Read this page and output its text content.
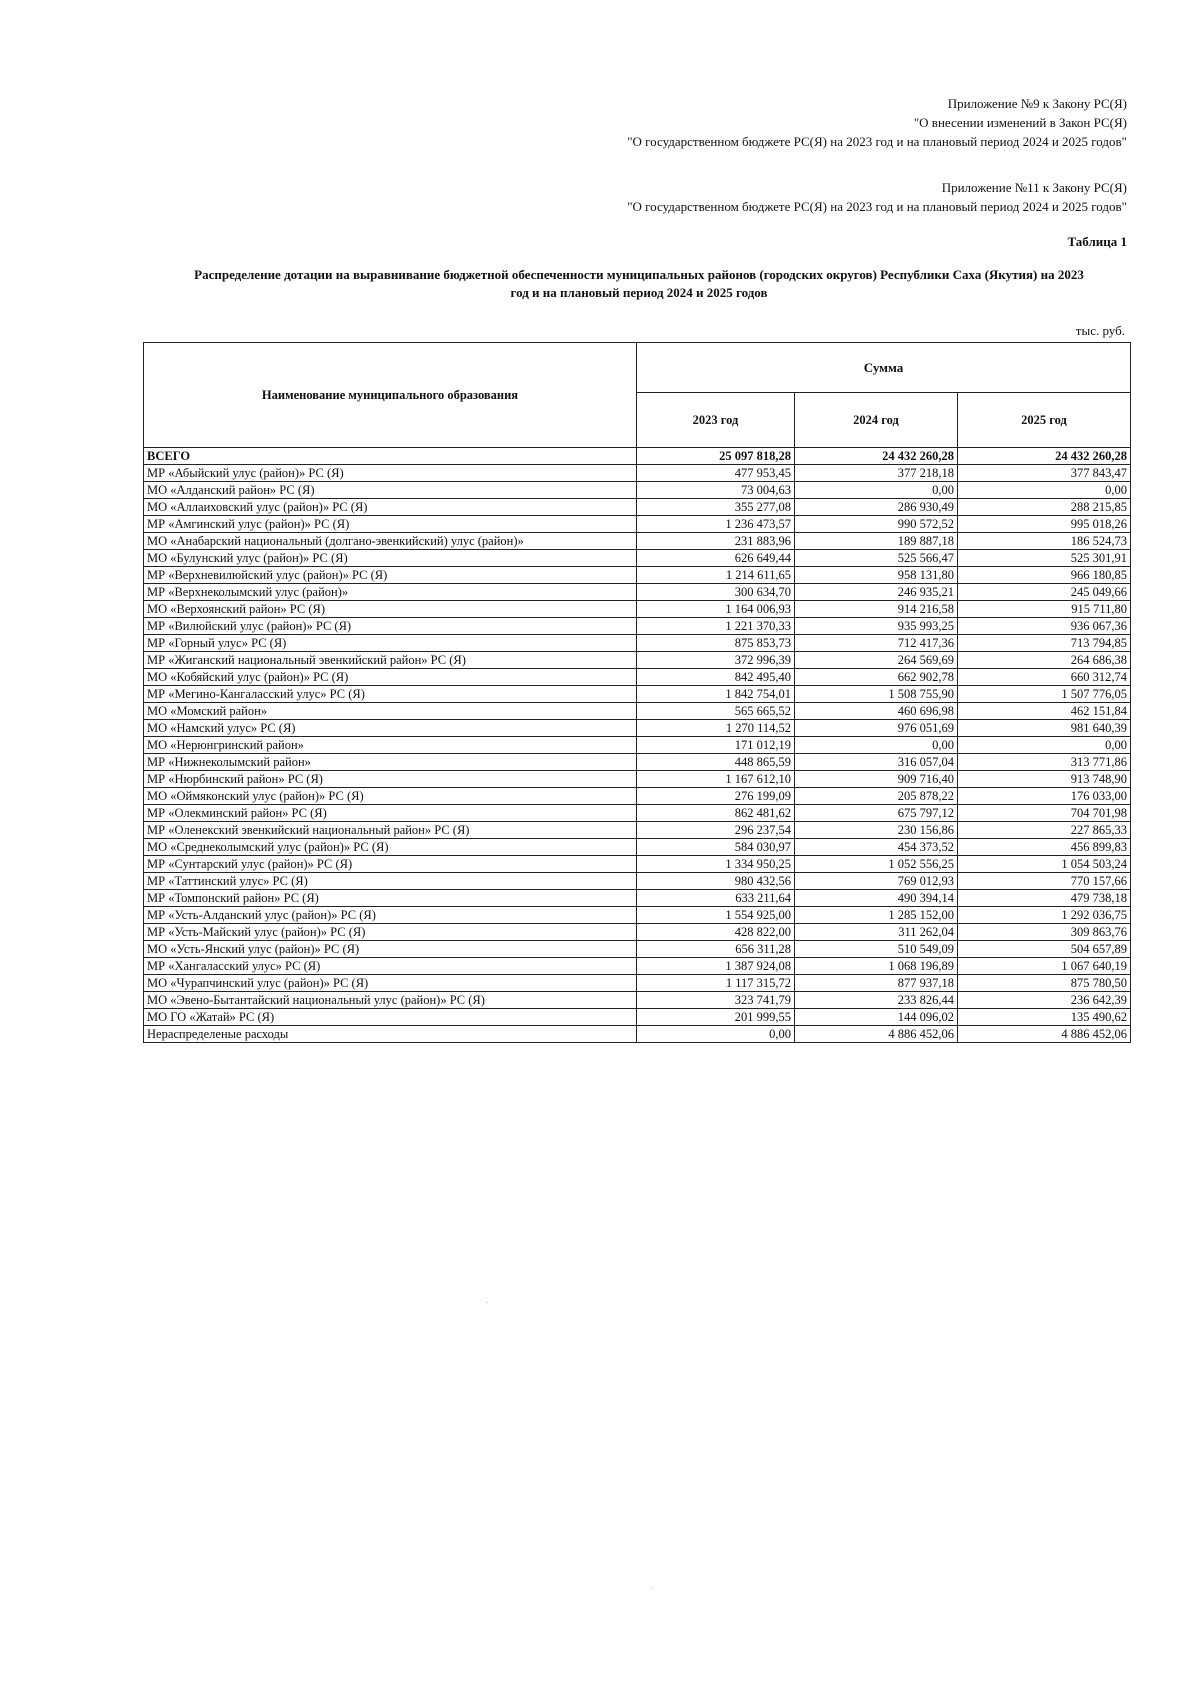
Приложение №9 к Закону РС(Я)
"О внесении изменений в Закон РС(Я)
"О государственном бюджете РС(Я) на 2023 год и на плановый период 2024 и 2025 годов"
Приложение №11 к Закону РС(Я)
"О государственном бюджете РС(Я) на 2023 год и на плановый период 2024 и 2025 годов"
Таблица 1
Распределение дотации на выравнивание бюджетной обеспеченности муниципальных районов (городских округов) Республики Саха (Якутия) на 2023
год и на плановый период 2024 и 2025 годов
тыс. руб.
Наименование муниципального образования	Сумма		
	2023 год	2024 год	2025 год
ВСЕГО	25 097 818,28	24 432 260,28	24 432 260,28
МР «Абыйский улус (район)» РС (Я)	477 953,45	377 218,18	377 843,47
МО «Алданский район» РС (Я)	73 004,63	0,00	0,00
МО «Аллаиховский улус (район)» РС (Я)	355 277,08	286 930,49	288 215,85
МР «Амгинский улус (район)» РС (Я)	1 236 473,57	990 572,52	995 018,26
МО «Анабарский национальный (долгано-эвенкийский) улус (район)»	231 883,96	189 887,18	186 524,73
МО «Булунский улус (район)» РС (Я)	626 649,44	525 566,47	525 301,91
МР «Верхневилюйский улус (район)» РС (Я)	1 214 611,65	958 131,80	966 180,85
МР «Верхнеколымский улус (район)»	300 634,70	246 935,21	245 049,66
МО «Верхоянский район» РС (Я)	1 164 006,93	914 216,58	915 711,80
МР «Вилюйский улус (район)» РС (Я)	1 221 370,33	935 993,25	936 067,36
МР «Горный улус» РС (Я)	875 853,73	712 417,36	713 794,85
МР «Жиганский национальный эвенкийский район» РС (Я)	372 996,39	264 569,69	264 686,38
МО «Кобяйский улус (район)» РС (Я)	842 495,40	662 902,78	660 312,74
МР «Мегино-Кангаласский улус» РС (Я)	1 842 754,01	1 508 755,90	1 507 776,05
МО «Момский район»	565 665,52	460 696,98	462 151,84
МО «Намский улус» РС (Я)	1 270 114,52	976 051,69	981 640,39
МО «Нерюнгринский район»	171 012,19	0,00	0,00
МР «Нижнеколымский район»	448 865,59	316 057,04	313 771,86
МР «Нюрбинский район» РС (Я)	1 167 612,10	909 716,40	913 748,90
МО «Оймяконский улус (район)» РС (Я)	276 199,09	205 878,22	176 033,00
МР «Олекминский район» РС (Я)	862 481,62	675 797,12	704 701,98
МР «Оленекский эвенкийский национальный район» РС (Я)	296 237,54	230 156,86	227 865,33
МО «Среднеколымский улус (район)» РС (Я)	584 030,97	454 373,52	456 899,83
МР «Сунтарский улус (район)» РС (Я)	1 334 950,25	1 052 556,25	1 054 503,24
МР «Таттинский улус» РС (Я)	980 432,56	769 012,93	770 157,66
МР «Томпонский район» РС (Я)	633 211,64	490 394,14	479 738,18
МР «Усть-Алданский улус (район)» РС (Я)	1 554 925,00	1 285 152,00	1 292 036,75
МР «Усть-Майский улус (район)» РС (Я)	428 822,00	311 262,04	309 863,76
МО «Усть-Янский улус (район)» РС (Я)	656 311,28	510 549,09	504 657,89
МР «Хангаласский улус» РС (Я)	1 387 924,08	1 068 196,89	1 067 640,19
МО «Чурапчинский улус (район)» РС (Я)	1 117 315,72	877 937,18	875 780,50
МО «Эвено-Бытантайский национальный улус (район)» РС (Я)	323 741,79	233 826,44	236 642,39
МО ГО «Жатай» РС (Я)	201 999,55	144 096,02	135 490,62
Нераспределеные расходы	0,00	4 886 452,06	4 886 452,06
